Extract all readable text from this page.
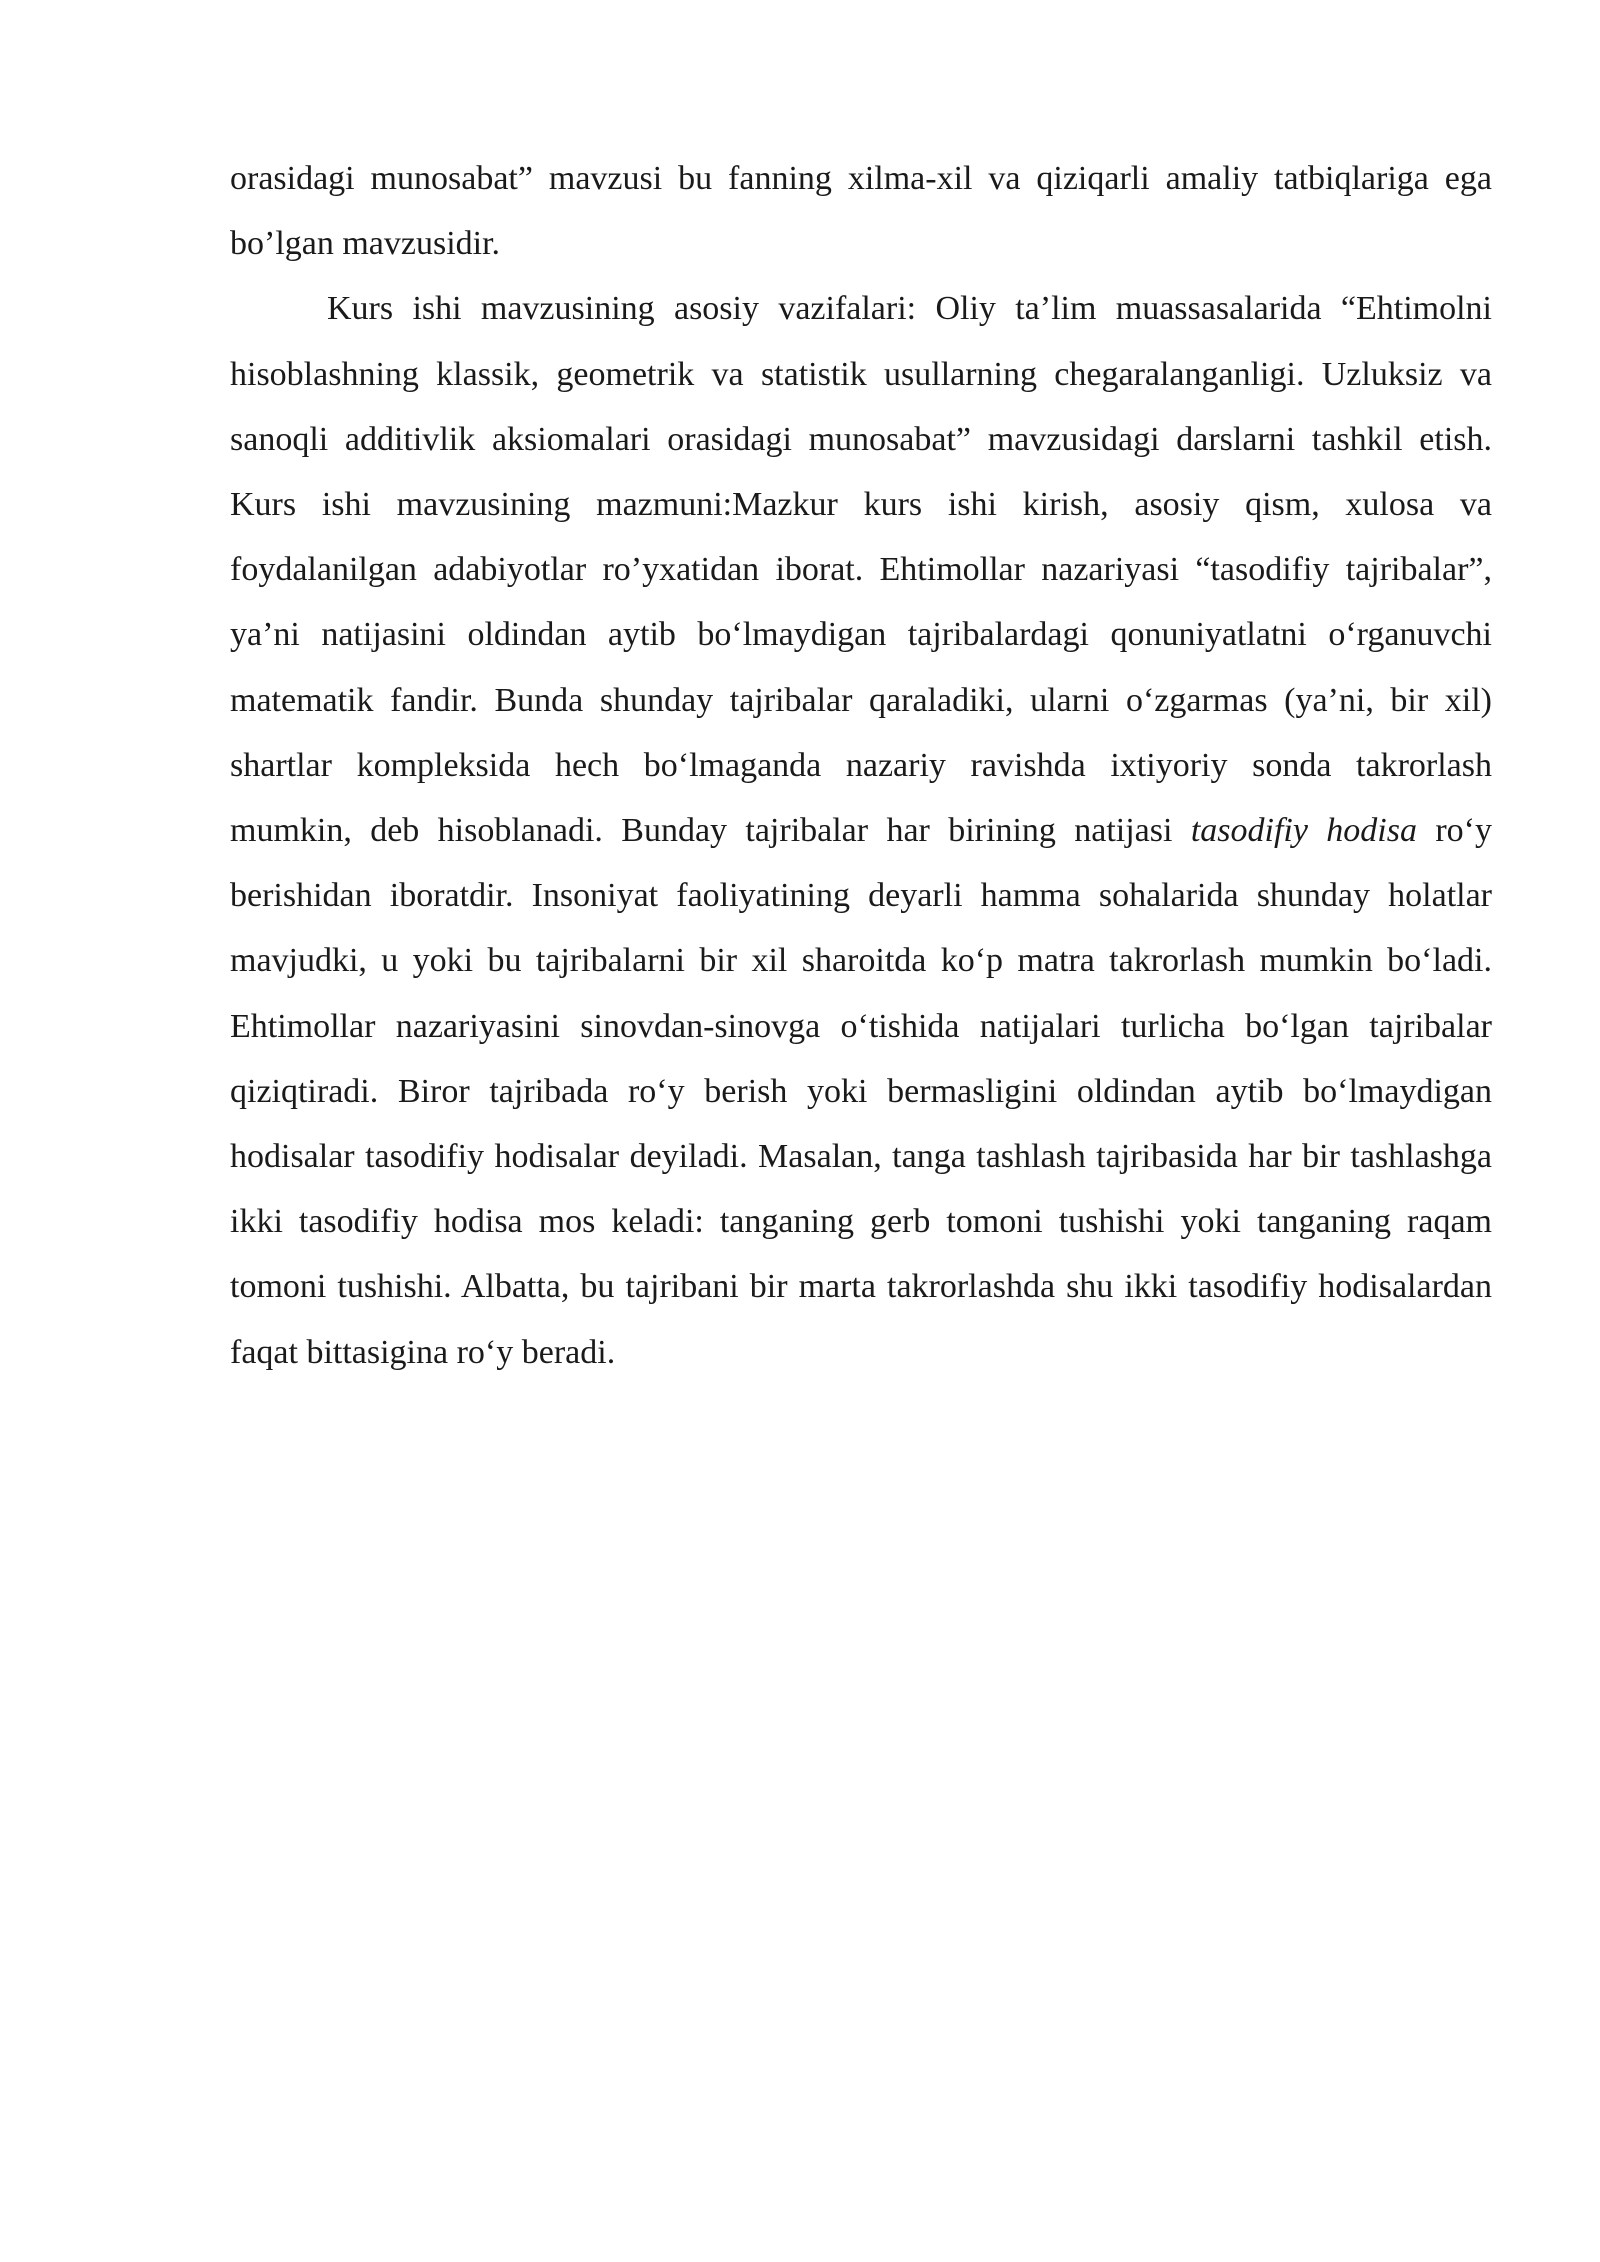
orasidagi munosabat” mavzusi bu fanning xilma-xil va qiziqarli amaliy tatbiqlariga ega bo’lgan mavzusidir.

Kurs ishi mavzusining asosiy vazifalari: Oliy ta’lim muassasalarida “Ehtimolni hisoblashning klassik, geometrik va statistik usullarning chegaralanganligi. Uzluksiz va sanoqli additivlik aksiomalari orasidagi munosabat” mavzusidagi darslarni tashkil etish. Kurs ishi mavzusining mazmuni:Mazkur kurs ishi kirish, asosiy qism, xulosa va foydalanilgan adabiyotlar ro’yxatidan iborat. Ehtimollar nazariyasi “tasodifiy tajribalar”, ya’ni natijasini oldindan aytib bo‘lmaydigan tajribalardagi qonuniyatlatni o‘rganuvchi matematik fandir. Bunda shunday tajribalar qaraladiki, ularni o‘zgarmas (ya’ni, bir xil) shartlar kompleksida hech bo‘lmaganda nazariy ravishda ixtiyoriy sonda takrorlash mumkin, deb hisoblanadi. Bunday tajribalar har birining natijasi tasodifiy hodisa ro‘y berishidan iboratdir. Insoniyat faoliyatining deyarli hamma sohalarida shunday holatlar mavjudki, u yoki bu tajribalarni bir xil sharoitda ko‘p matra takrorlash mumkin bo‘ladi. Ehtimollar nazariyasini sinovdan-sinovga o‘tishida natijalari turlicha bo‘lgan tajribalar qiziqtiradi. Biror tajribada ro‘y berish yoki bermasligini oldindan aytib bo‘lmaydigan hodisalar tasodifiy hodisalar deyiladi. Masalan, tanga tashlash tajribasida har bir tashlashga ikki tasodifiy hodisa mos keladi: tanganing gerb tomoni tushishi yoki tanganing raqam tomoni tushishi. Albatta, bu tajribani bir marta takrorlashda shu ikki tasodifiy hodisalardan faqat bittasigina ro‘y beradi.
